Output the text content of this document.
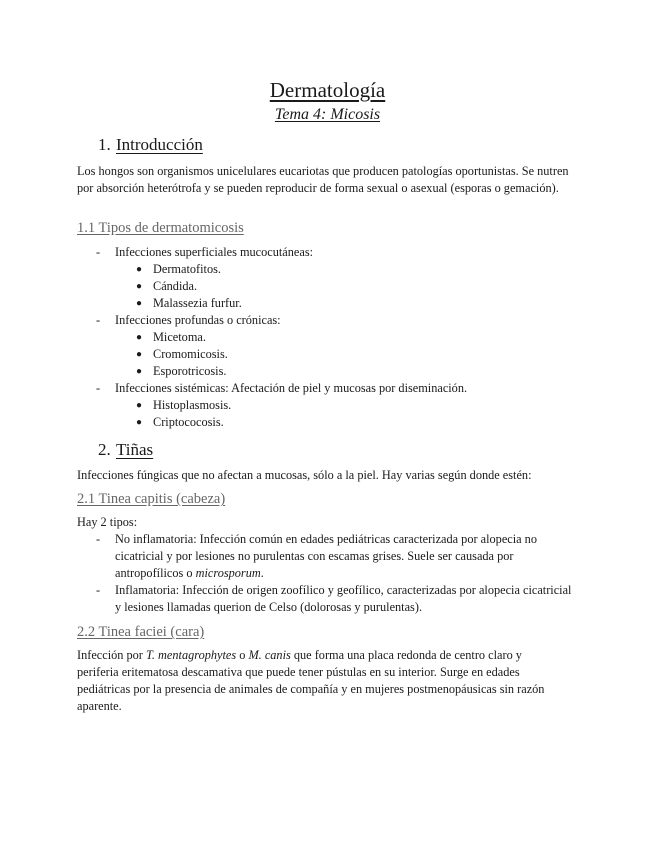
Dermatología
Tema 4: Micosis
1. Introducción
Los hongos son organismos unicelulares eucariotas que producen patologías oportunistas. Se nutren por absorción heterótrofa y se pueden reproducir de forma sexual o asexual (esporas o gemación).
1.1 Tipos de dermatomicosis
- Infecciones superficiales mucocutáneas:
● Dermatofitos.
● Cándida.
● Malassezia furfur.
- Infecciones profundas o crónicas:
● Micetoma.
● Cromomicosis.
● Esporotricosis.
- Infecciones sistémicas: Afectación de piel y mucosas por diseminación.
● Histoplasmosis.
● Criptococosis.
2. Tiñas
Infecciones fúngicas que no afectan a mucosas, sólo a la piel. Hay varias según donde estén:
2.1 Tinea capitis (cabeza)
Hay 2 tipos:
- No inflamatoria: Infección común en edades pediátricas caracterizada por alopecia no cicatricial y por lesiones no purulentas con escamas grises. Suele ser causada por antropofílicos o microsporum.
- Inflamatoria: Infección de origen zoofílico y geofílico, caracterizadas por alopecia cicatricial y lesiones llamadas querion de Celso (dolorosas y purulentas).
2.2 Tinea faciei (cara)
Infección por T. mentagrophytes o M. canis que forma una placa redonda de centro claro y periferia eritematosa descamativa que puede tener pústulas en su interior. Surge en edades pediátricas por la presencia de animales de compañía y en mujeres postmenopáusicas sin razón aparente.
